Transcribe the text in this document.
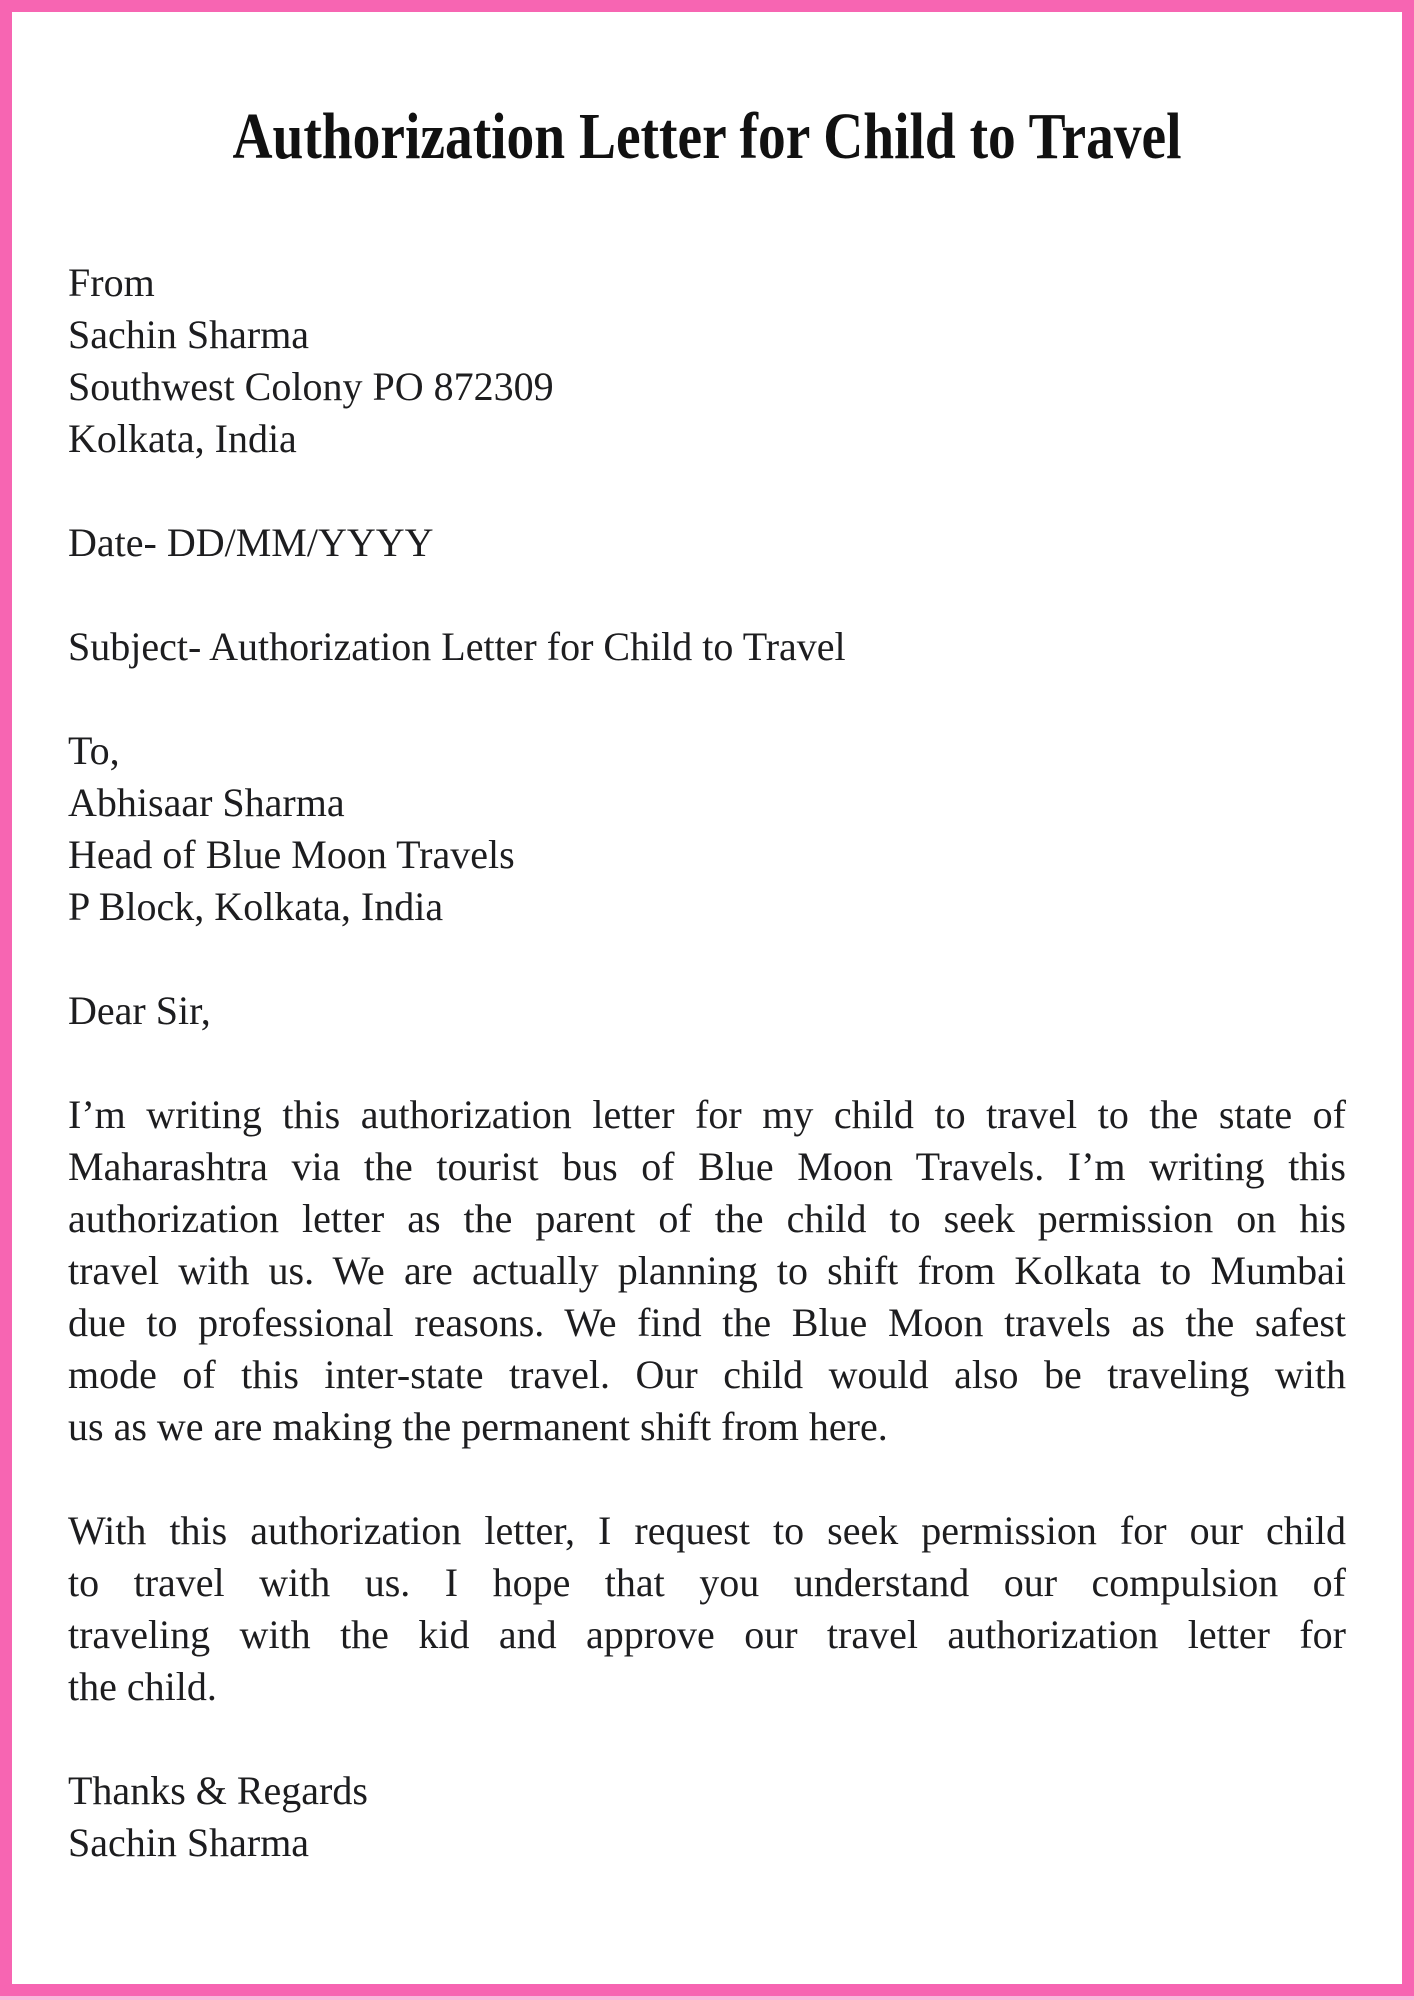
Authorization Letter for Child to Travel
From
Sachin Sharma
Southwest Colony PO 872309
Kolkata, India
Date- DD/MM/YYYY
Subject- Authorization Letter for Child to Travel
To,
Abhisaar Sharma
Head of Blue Moon Travels
P Block, Kolkata, India
Dear Sir,
I’m writing this authorization letter for my child to travel to the state of
Maharashtra via the tourist bus of Blue Moon Travels. I’m writing this
authorization letter as the parent of the child to seek permission on his
travel with us. We are actually planning to shift from Kolkata to Mumbai
due to professional reasons. We find the Blue Moon travels as the safest
mode of this inter-state travel. Our child would also be traveling with
us as we are making the permanent shift from here.
With this authorization letter, I request to seek permission for our child
to travel with us. I hope that you understand our compulsion of
traveling with the kid and approve our travel authorization letter for
the child.
Thanks & Regards
Sachin Sharma
